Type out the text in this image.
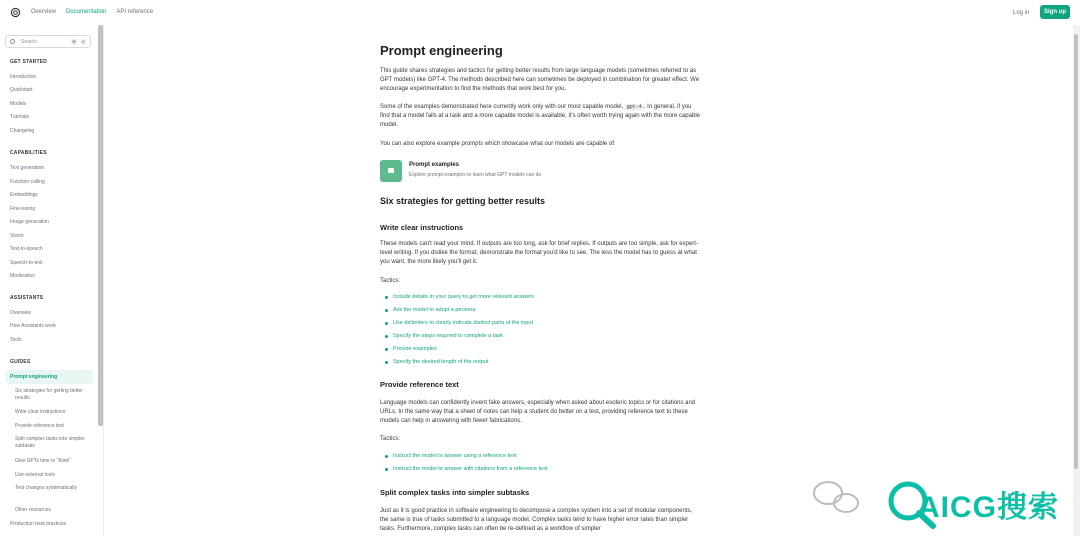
Overview Documentation API reference	Log in	Sign up
Search	⌘ K
GET STARTED
Introduction
Quickstart
Models
Tutorials
Changelog
CAPABILITIES
Text generation
Function calling
Embeddings
Fine-tuning
Image generation
Vision
Text-to-speech
Speech-to-text
Moderation
ASSISTANTS
Overview
How Assistants work
Tools
GUIDES
Prompt engineering
Six strategies for getting better results
Write clear instructions
Provide reference text
Split complex tasks into simpler subtasks
Give GPTs time to "think"
Use external tools
Test changes systematically
Other resources
Production best practices
Prompt engineering

This guide shares strategies and tactics for getting better results from large language models (sometimes referred to as GPT models) like GPT-4. The methods described here can sometimes be deployed in combination for greater effect. We encourage experimentation to find the methods that work best for you.

Some of the examples demonstrated here currently work only with our most capable model, gpt-4 . In general, if you find that a model fails at a task and a more capable model is available, it's often worth trying again with the more capable model.

You can also explore example prompts which showcase what our models are capable of:

Prompt examples
Explore prompt examples to learn what GPT models can do
Six strategies for getting better results
Write clear instructions

These models can't read your mind. If outputs are too long, ask for brief replies. If outputs are too simple, ask for expert-level writing. If you dislike the format, demonstrate the format you'd like to see. The less the model has to guess at what you want, the more likely you'll get it.

Tactics:

Include details in your query to get more relevant answers
Ask the model to adopt a persona
Use delimiters to clearly indicate distinct parts of the input
Specify the steps required to complete a task
Provide examples
Specify the desired length of the output
Provide reference text

Language models can confidently invent fake answers, especially when asked about esoteric topics or for citations and URLs. In the same way that a sheet of notes can help a student do better on a test, providing reference text to these models can help in answering with fewer fabrications.

Tactics:

Instruct the model to answer using a reference text
Instruct the model to answer with citations from a reference text
Split complex tasks into simpler subtasks

Just as it is good practice in software engineering to decompose a complex system into a set of modular components, the same is true of tasks submitted to a language model. Complex tasks tend to have higher error rates than simpler tasks. Furthermore, complex tasks can often be re-defined as a workflow of simpler

AICG搜索
